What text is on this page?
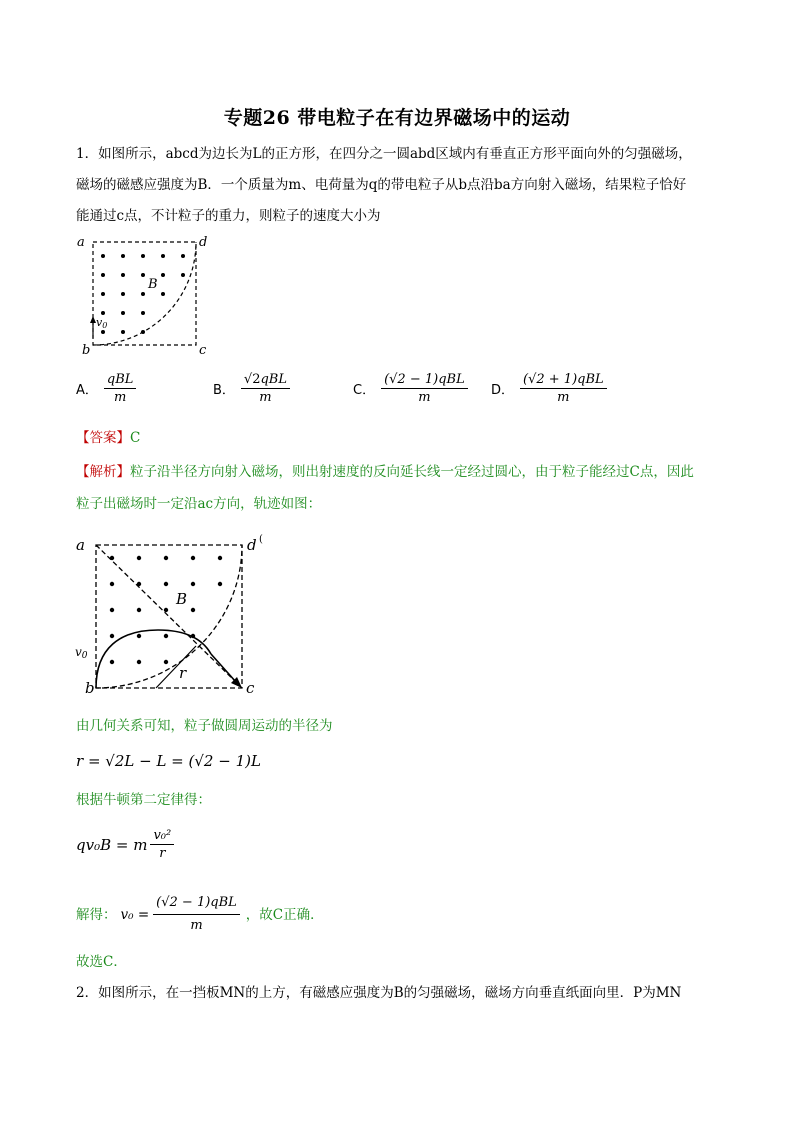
专题26 带电粒子在有边界磁场中的运动
1．如图所示，abcd为边长为L的正方形，在四分之一圆abd区域内有垂直正方形平面向外的匀强磁场，
磁场的磁感应强度为B．一个质量为m、电荷量为q的带电粒子从b点沿ba方向射入磁场，结果粒子恰好
能通过c点，不计粒子的重力，则粒子的速度大小为
a	d
b	c
B
v0
A． $\frac{\text{qBL}}{m}$	B． $\frac{\text{√2qBL}}{m}$	C． $\frac{\text{(√2 − 1)qBL}}{m}$ D． $\frac{\text{(√2 + 1)qBL}}{m}$
【答案】C
【解析】粒子沿半径方向射入磁场，则出射速度的反向延长线一定经过圆心，由于粒子能经过C点，因此
粒子出磁场时一定沿ac方向，轨迹如图：
a	d (
b	c
B
r
v0
由几何关系可知，粒子做圆周运动的半径为
r = √2L − L = (√2 − 1)L
根据牛顿第二定律得：
qv₀B = m $\frac{\text{v₀²}}{r}$
解得： $v_0 = \frac{\text{(√2 − 1)qBL}}{m}$ ，故C正确．
故选C．
2．如图所示，在一挡板MN的上方，有磁感应强度为B的匀强磁场，磁场方向垂直纸面向里．P为MN
